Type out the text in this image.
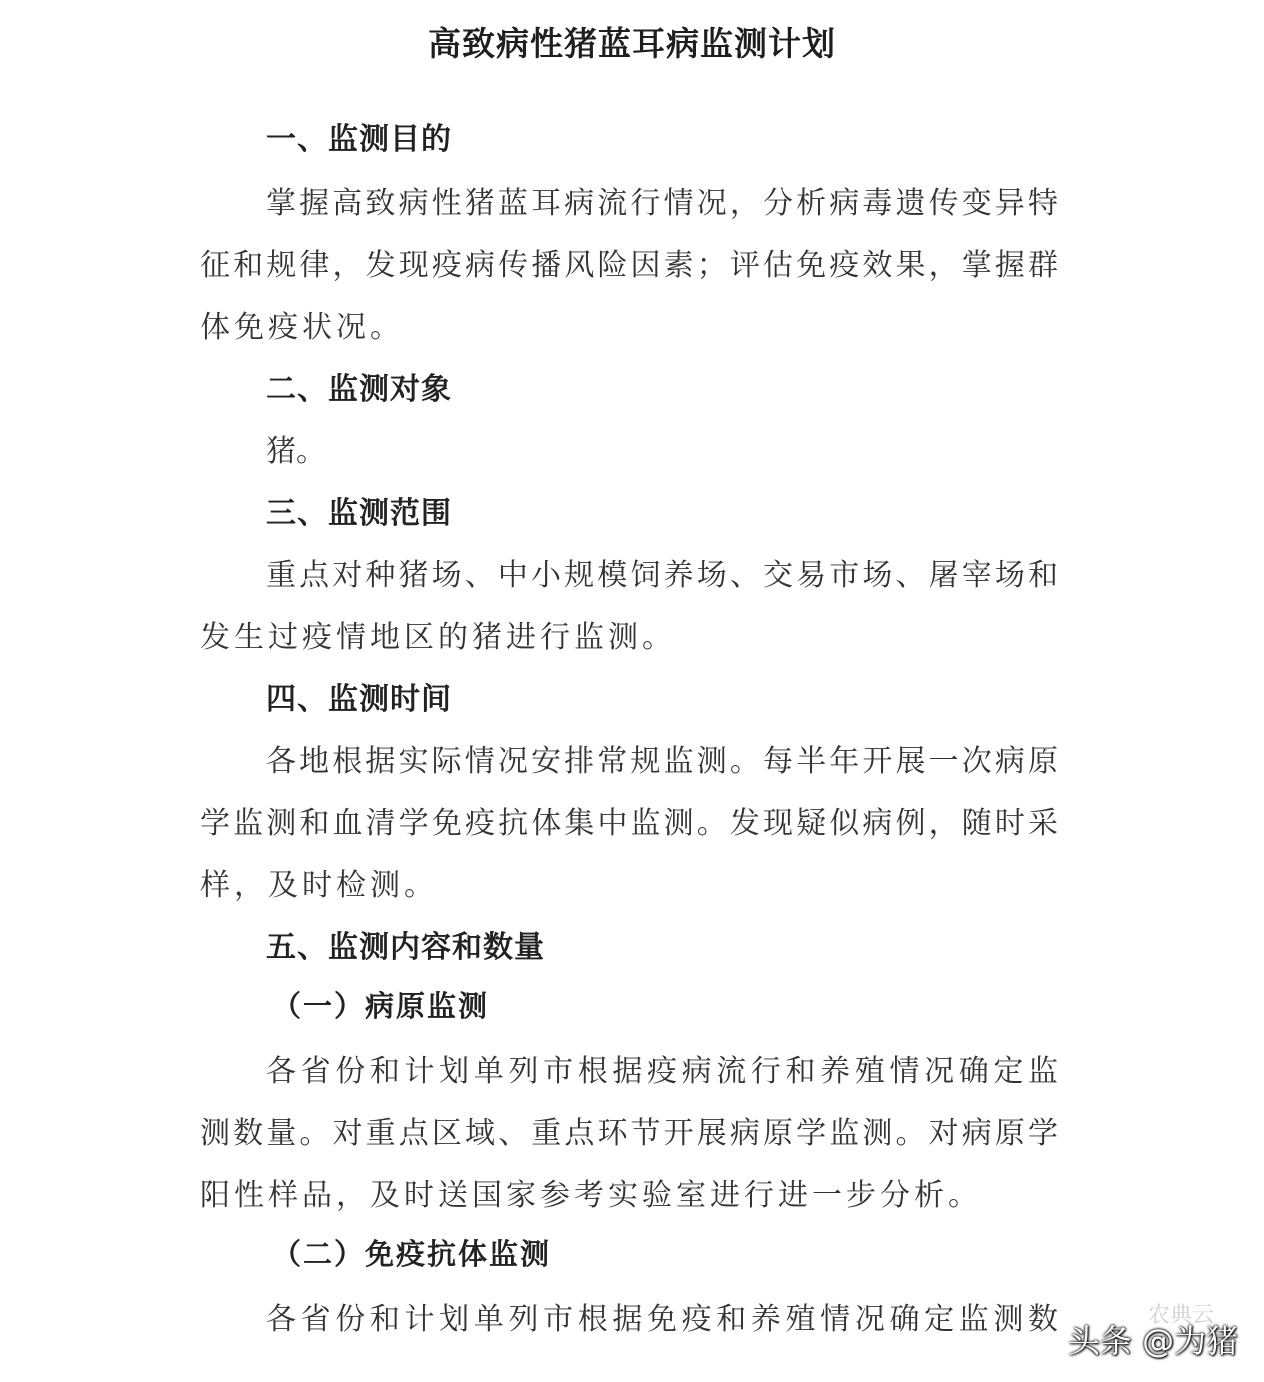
高致病性猪蓝耳病监测计划
一、监测目的
掌握高致病性猪蓝耳病流行情况，分析病毒遗传变异特
征和规律，发现疫病传播风险因素；评估免疫效果，掌握群
体免疫状况。
二、监测对象
猪。
三、监测范围
重点对种猪场、中小规模饲养场、交易市场、屠宰场和
发生过疫情地区的猪进行监测。
四、监测时间
各地根据实际情况安排常规监测。每半年开展一次病原
学监测和血清学免疫抗体集中监测。发现疑似病例，随时采
样，及时检测。
五、监测内容和数量
（一）病原监测
各省份和计划单列市根据疫病流行和养殖情况确定监
测数量。对重点区域、重点环节开展病原学监测。对病原学
阳性样品，及时送国家参考实验室进行进一步分析。
（二）免疫抗体监测
各省份和计划单列市根据免疫和养殖情况确定监测数	农典云
头条 @为猪
